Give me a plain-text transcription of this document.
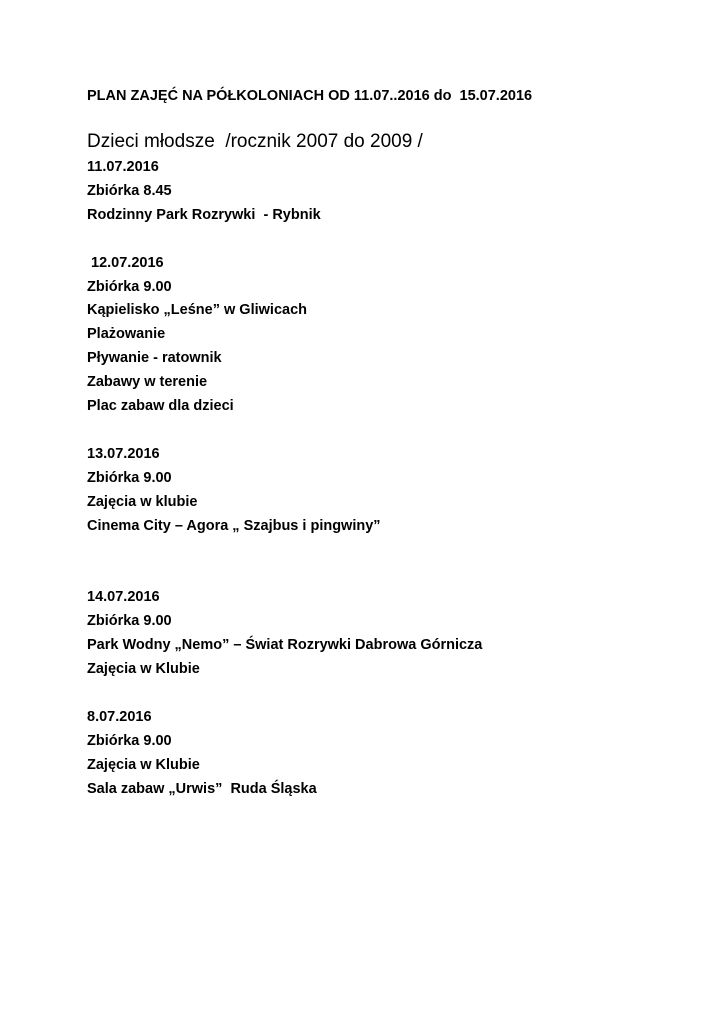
PLAN ZAJĘĆ NA PÓŁKOLONIACH OD 11.07..2016 do  15.07.2016
Dzieci młodsze  /rocznik 2007 do 2009 /
11.07.2016
Zbiórka 8.45
Rodzinny Park Rozrywki  - Rybnik
12.07.2016
Zbiórka 9.00
Kąpielisko „Leśne” w Gliwicach
Plażowanie
Pływanie - ratownik
Zabawy w terenie
Plac zabaw dla dzieci
13.07.2016
Zbiórka 9.00
Zajęcia w klubie
Cinema City – Agora „ Szajbus i pingwiny”
14.07.2016
Zbiórka 9.00
Park Wodny „Nemo” – Świat Rozrywki Dabrowa Górnicza
Zajęcia w Klubie
8.07.2016
Zbiórka 9.00
Zajęcia w Klubie
Sala zabaw „Urwis”  Ruda Śląska
